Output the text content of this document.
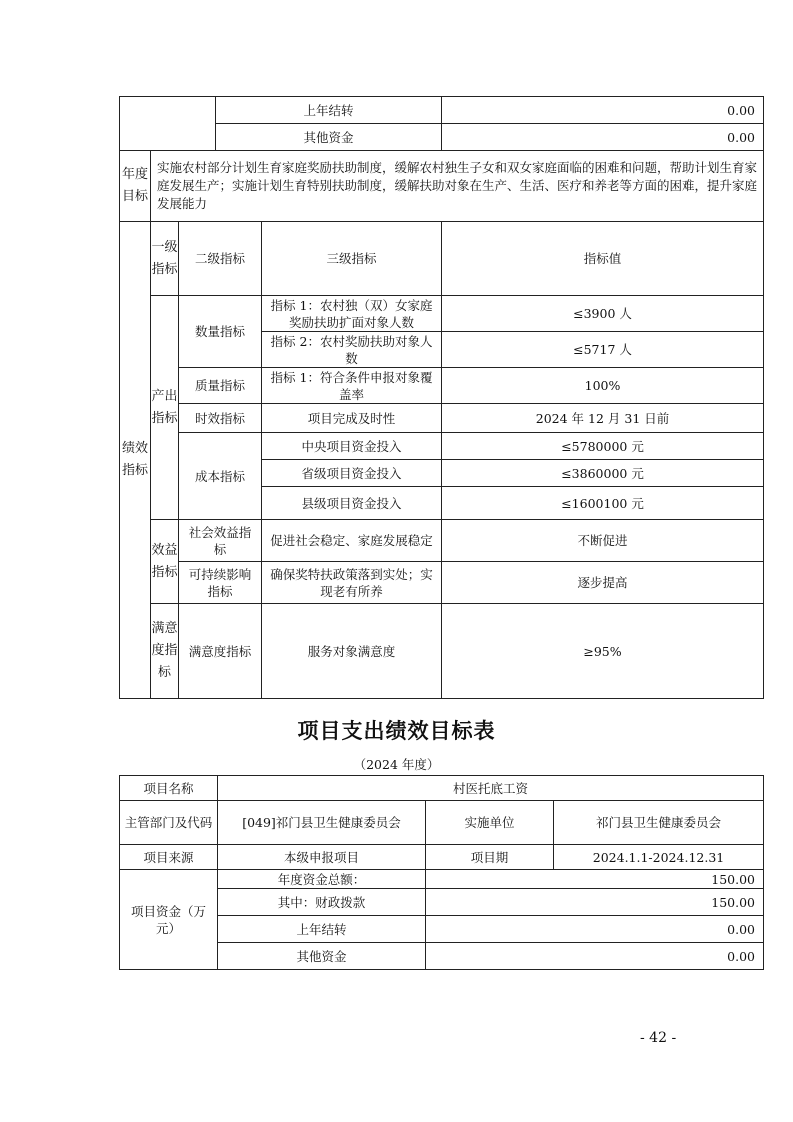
			上年结转		0.00
			其他资金		0.00
年度目标	实施农村部分计划生育家庭奖励扶助制度，缓解农村独生子女和双女家庭面临的困难和问题，帮助计划生育家庭发展生产；实施计划生育特别扶助制度，缓解扶助对象在生产、生活、医疗和养老等方面的困难，提升家庭发展能力				
绩效指标	一级指标	二级指标		三级指标	指标值
	产出指标	数量指标		指标 1：农村独（双）女家庭奖励扶助扩面对象人数	≤3900 人
				指标 2：农村奖励扶助对象人数	≤5717 人
		质量指标		指标 1：符合条件申报对象覆盖率	100%
		时效指标		项目完成及时性	2024 年 12 月 31 日前
		成本指标		中央项目资金投入	≤5780000 元
				省级项目资金投入	≤3860000 元
				县级项目资金投入	≤1600100 元
	效益指标	社会效益指标		促进社会稳定、家庭发展稳定	不断促进
		可持续影响指标		确保奖特扶政策落到实处；实现老有所养	逐步提高
	满意度指标	满意度指标		服务对象满意度	≥95%
项目支出绩效目标表
（2024 年度）
项目名称	村医托底工资		
主管部门及代码	[049]祁门县卫生健康委员会	实施单位	祁门县卫生健康委员会
项目来源	本级申报项目	项目期	2024.1.1-2024.12.31
项目资金（万元）	年度资金总额：	150.00	
	其中：财政拨款	150.00	
	上年结转	0.00	
	其他资金	0.00	
- 42 -
